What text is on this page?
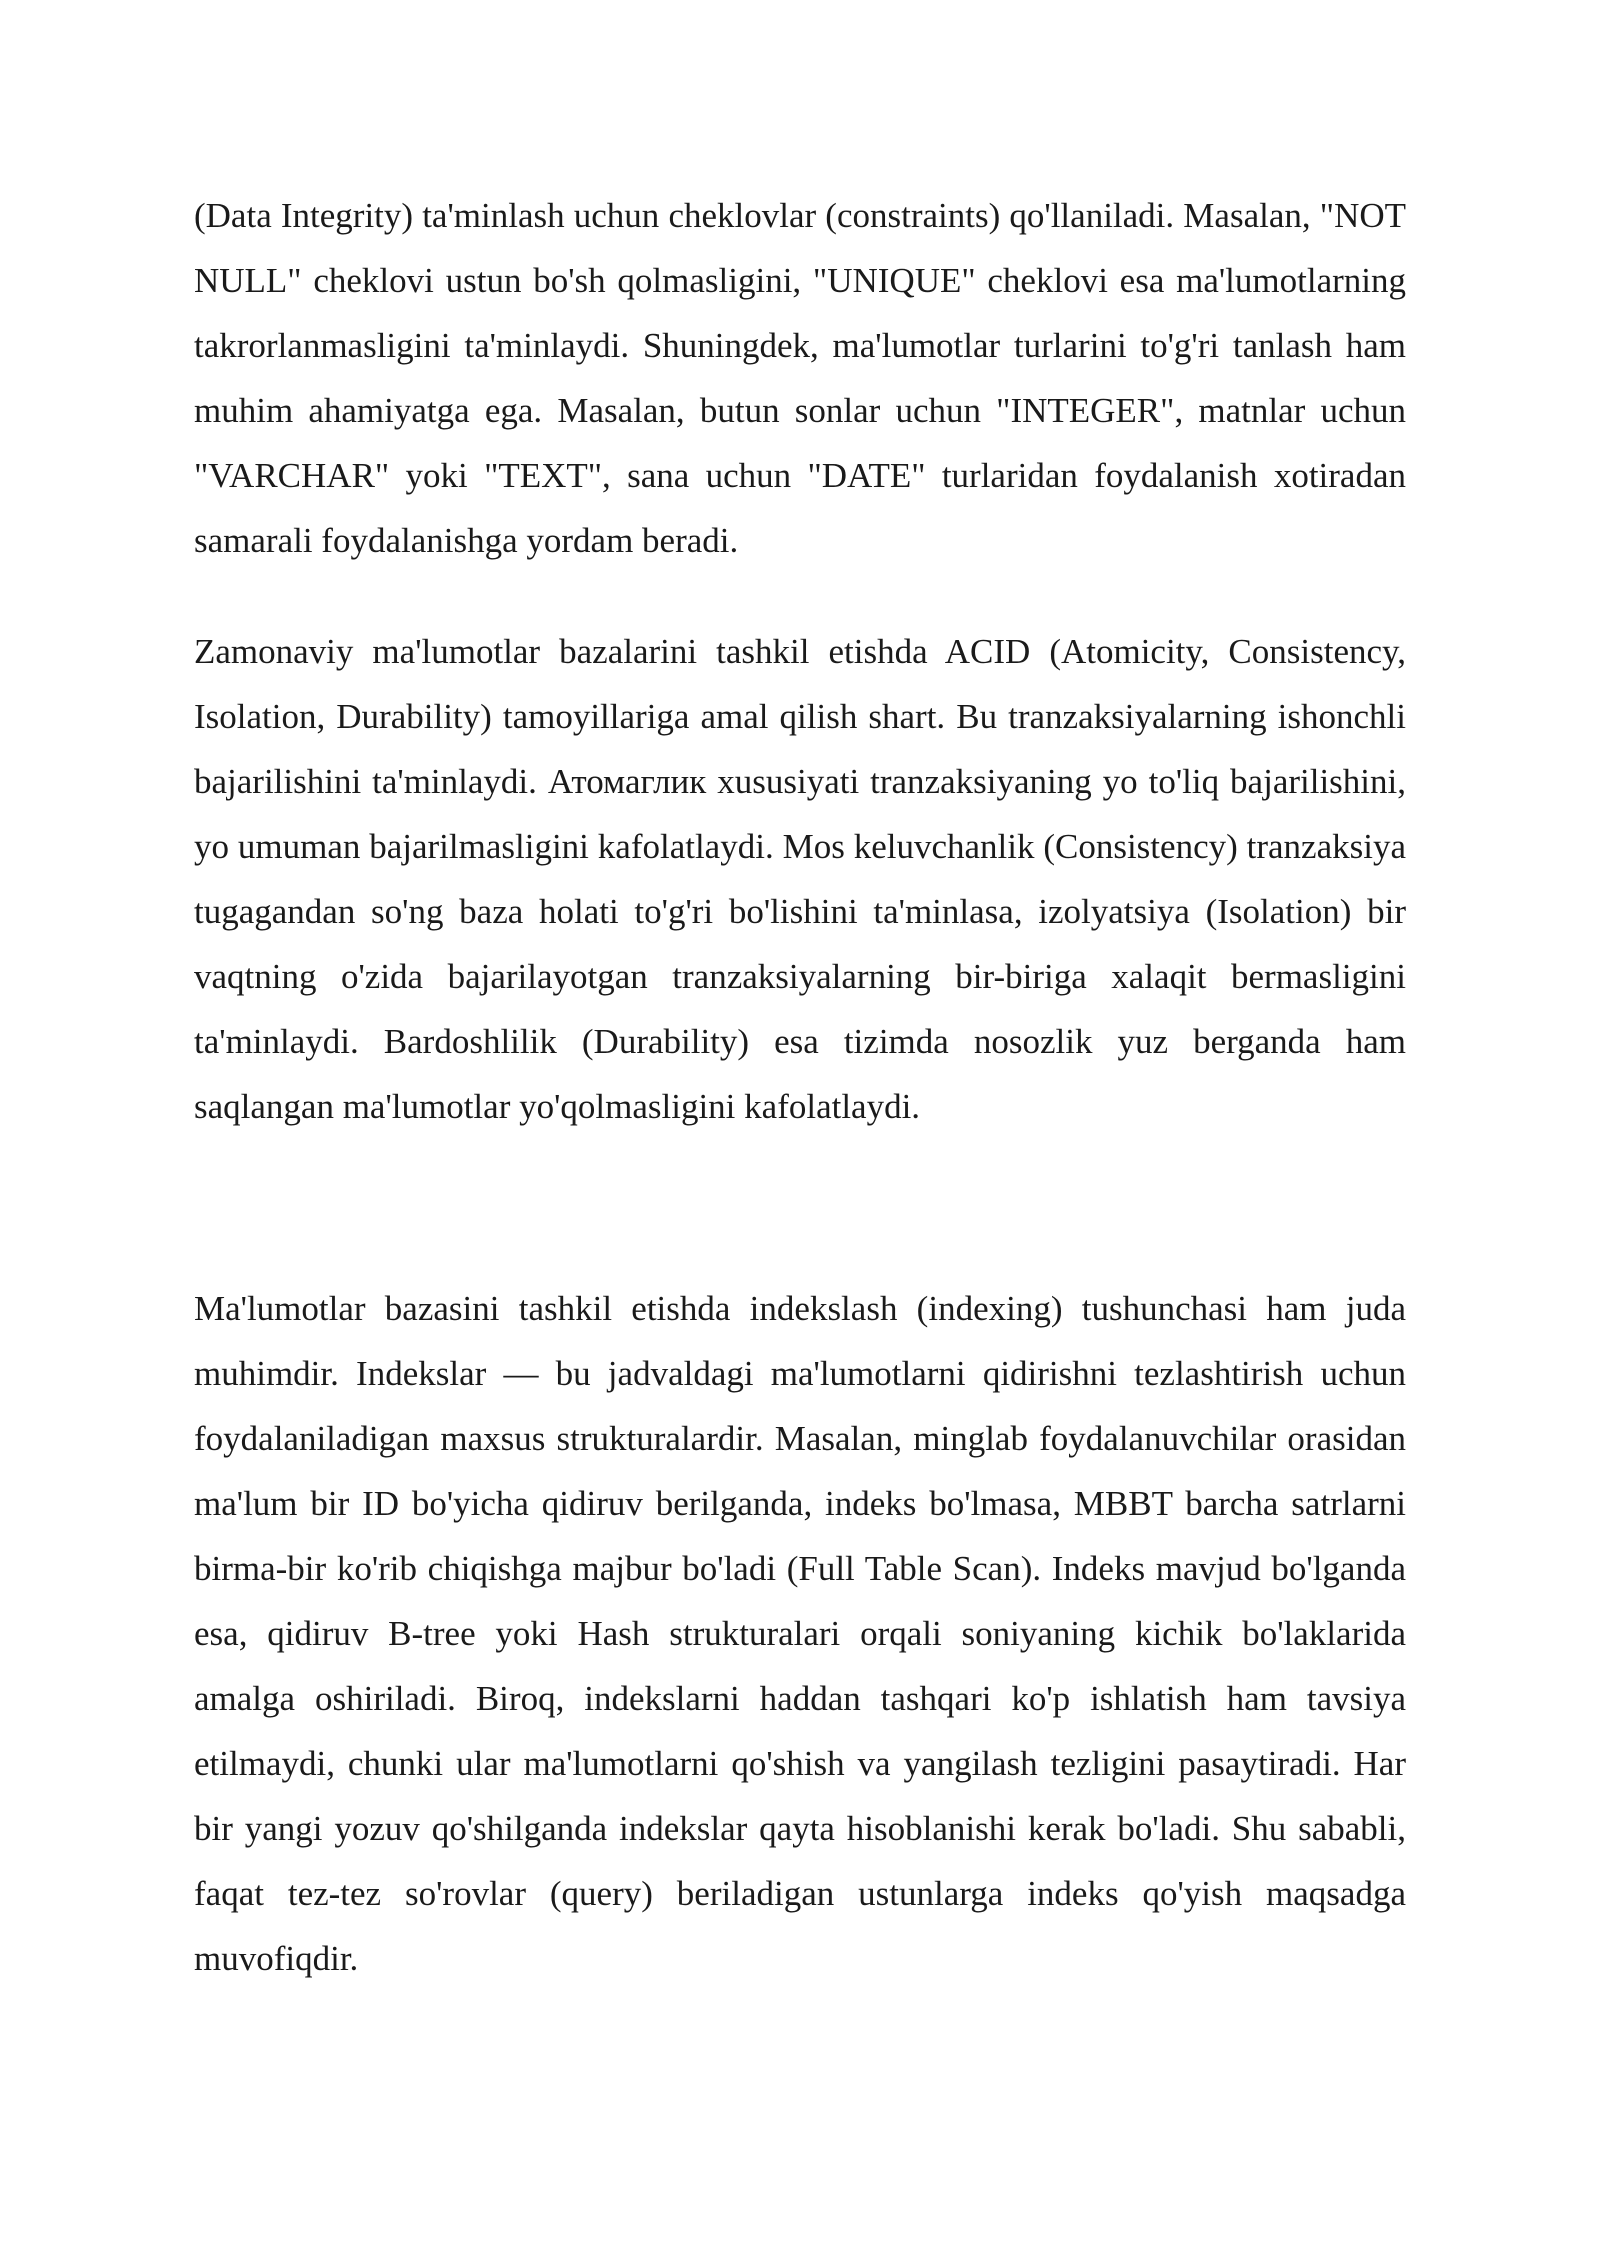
(Data Integrity) ta'minlash uchun cheklovlar (constraints) qo'llaniladi. Masalan, "NOT NULL" cheklovi ustun bo'sh qolmasligini, "UNIQUE" cheklovi esa ma'lumotlarning takrorlanmasligini ta'minlaydi. Shuningdek, ma'lumotlar turlarini to'g'ri tanlash ham muhim ahamiyatga ega. Masalan, butun sonlar uchun "INTEGER", matnlar uchun "VARCHAR" yoki "TEXT", sana uchun "DATE" turlaridan foydalanish xotiradan samarali foydalanishga yordam beradi.

Zamonaviy ma'lumotlar bazalarini tashkil etishda ACID (Atomicity, Consistency, Isolation, Durability) tamoyillariga amal qilish shart. Bu tranzaksiyalarning ishonchli bajarilishini ta'minlaydi. Атомаглик xususiyati tranzaksiyaning yo to'liq bajarilishini, yo umuman bajarilmasligini kafolatlaydi. Mos keluvchanlik (Consistency) tranzaksiya tugagandan so'ng baza holati to'g'ri bo'lishini ta'minlasa, izolyatsiya (Isolation) bir vaqtning o'zida bajarilayotgan tranzaksiyalarning bir-biriga xalaqit bermasligini ta'minlaydi. Bardoshlilik (Durability) esa tizimda nosozlik yuz berganda ham saqlangan ma'lumotlar yo'qolmasligini kafolatlaydi.

Ma'lumotlar bazasini tashkil etishda indekslash (indexing) tushunchasi ham juda muhimdir. Indekslar — bu jadvaldagi ma'lumotlarni qidirishni tezlashtirish uchun foydalaniladigan maxsus strukturalardir. Masalan, minglab foydalanuvchilar orasidan ma'lum bir ID bo'yicha qidiruv berilganda, indeks bo'lmasa, MBBT barcha satrlarni birma-bir ko'rib chiqishga majbur bo'ladi (Full Table Scan). Indeks mavjud bo'lganda esa, qidiruv B-tree yoki Hash strukturalari orqali soniyaning kichik bo'laklarida amalga oshiriladi. Biroq, indekslarni haddan tashqari ko'p ishlatish ham tavsiya etilmaydi, chunki ular ma'lumotlarni qo'shish va yangilash tezligini pasaytiradi. Har bir yangi yozuv qo'shilganda indekslar qayta hisoblanishi kerak bo'ladi. Shu sababli, faqat tez-tez so'rovlar (query) beriladigan ustunlarga indeks qo'yish maqsadga muvofiqdir.
